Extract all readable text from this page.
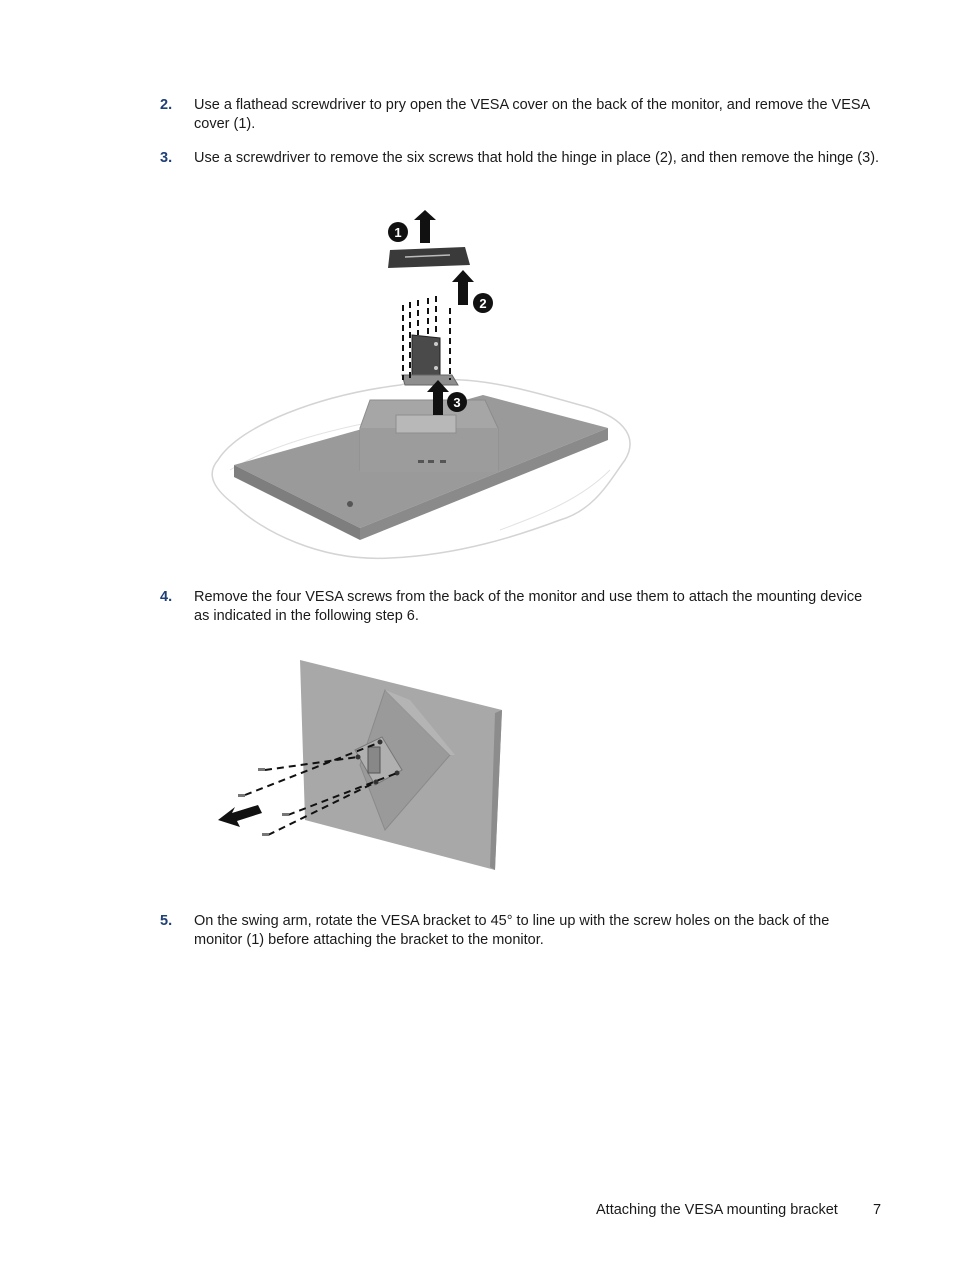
2. Use a flathead screwdriver to pry open the VESA cover on the back of the monitor, and remove the VESA cover (1).
3. Use a screwdriver to remove the six screws that hold the hinge in place (2), and then remove the hinge (3).
1
2
3
4. Remove the four VESA screws from the back of the monitor and use them to attach the mounting device as indicated in the following step 6.
5. On the swing arm, rotate the VESA bracket to 45° to line up with the screw holes on the back of the monitor (1) before attaching the bracket to the monitor.
Attaching the VESA mounting bracket 7
